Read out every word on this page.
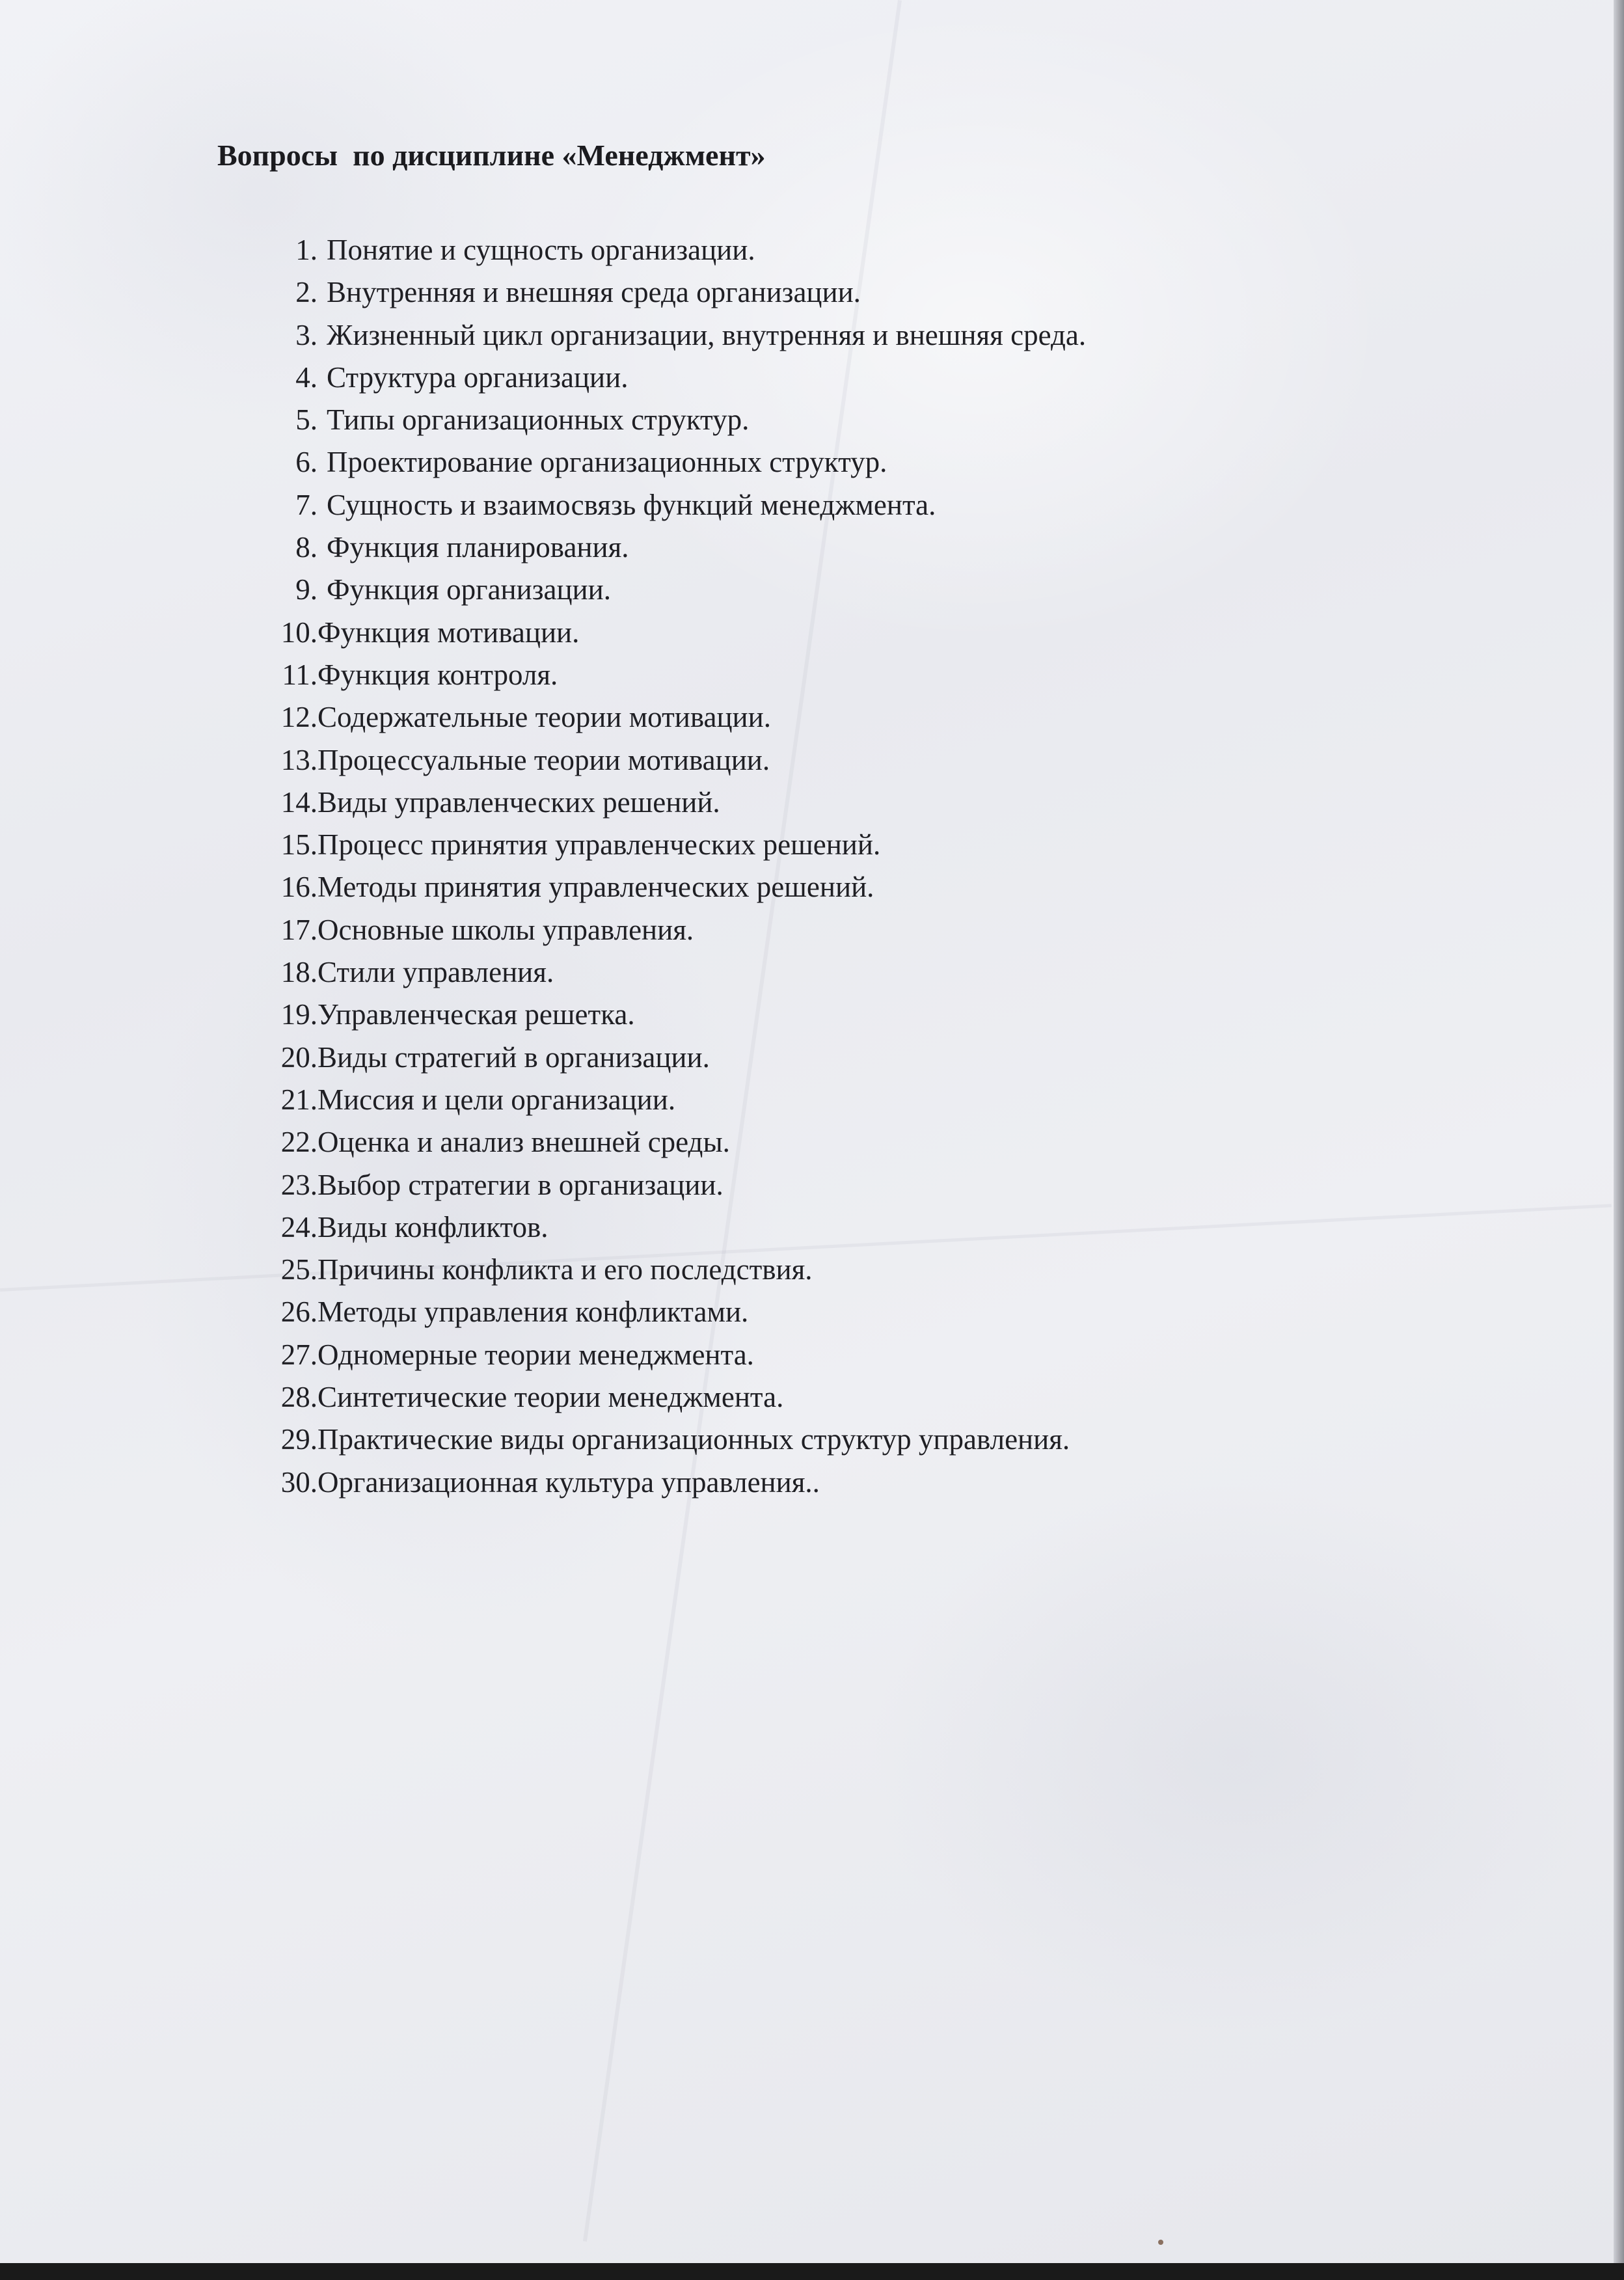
Вопросы  по дисциплине «Менеджмент»
1. Понятие и сущность организации.
2. Внутренняя и внешняя среда организации.
3. Жизненный цикл организации, внутренняя и внешняя среда.
4. Структура организации.
5. Типы организационных структур.
6. Проектирование организационных структур.
7. Сущность и взаимосвязь функций менеджмента.
8. Функция планирования.
9. Функция организации.
10. Функция мотивации.
11. Функция контроля.
12. Содержательные теории мотивации.
13. Процессуальные теории мотивации.
14. Виды управленческих решений.
15. Процесс принятия управленческих решений.
16. Методы принятия управленческих решений.
17. Основные школы управления.
18. Стили управления.
19. Управленческая решетка.
20. Виды стратегий в организации.
21. Миссия и цели организации.
22. Оценка и анализ внешней среды.
23. Выбор стратегии в организации.
24. Виды конфликтов.
25. Причины конфликта и его последствия.
26. Методы управления конфликтами.
27. Одномерные теории менеджмента.
28. Синтетические теории менеджмента.
29. Практические виды организационных структур управления.
30. Организационная культура управления..
